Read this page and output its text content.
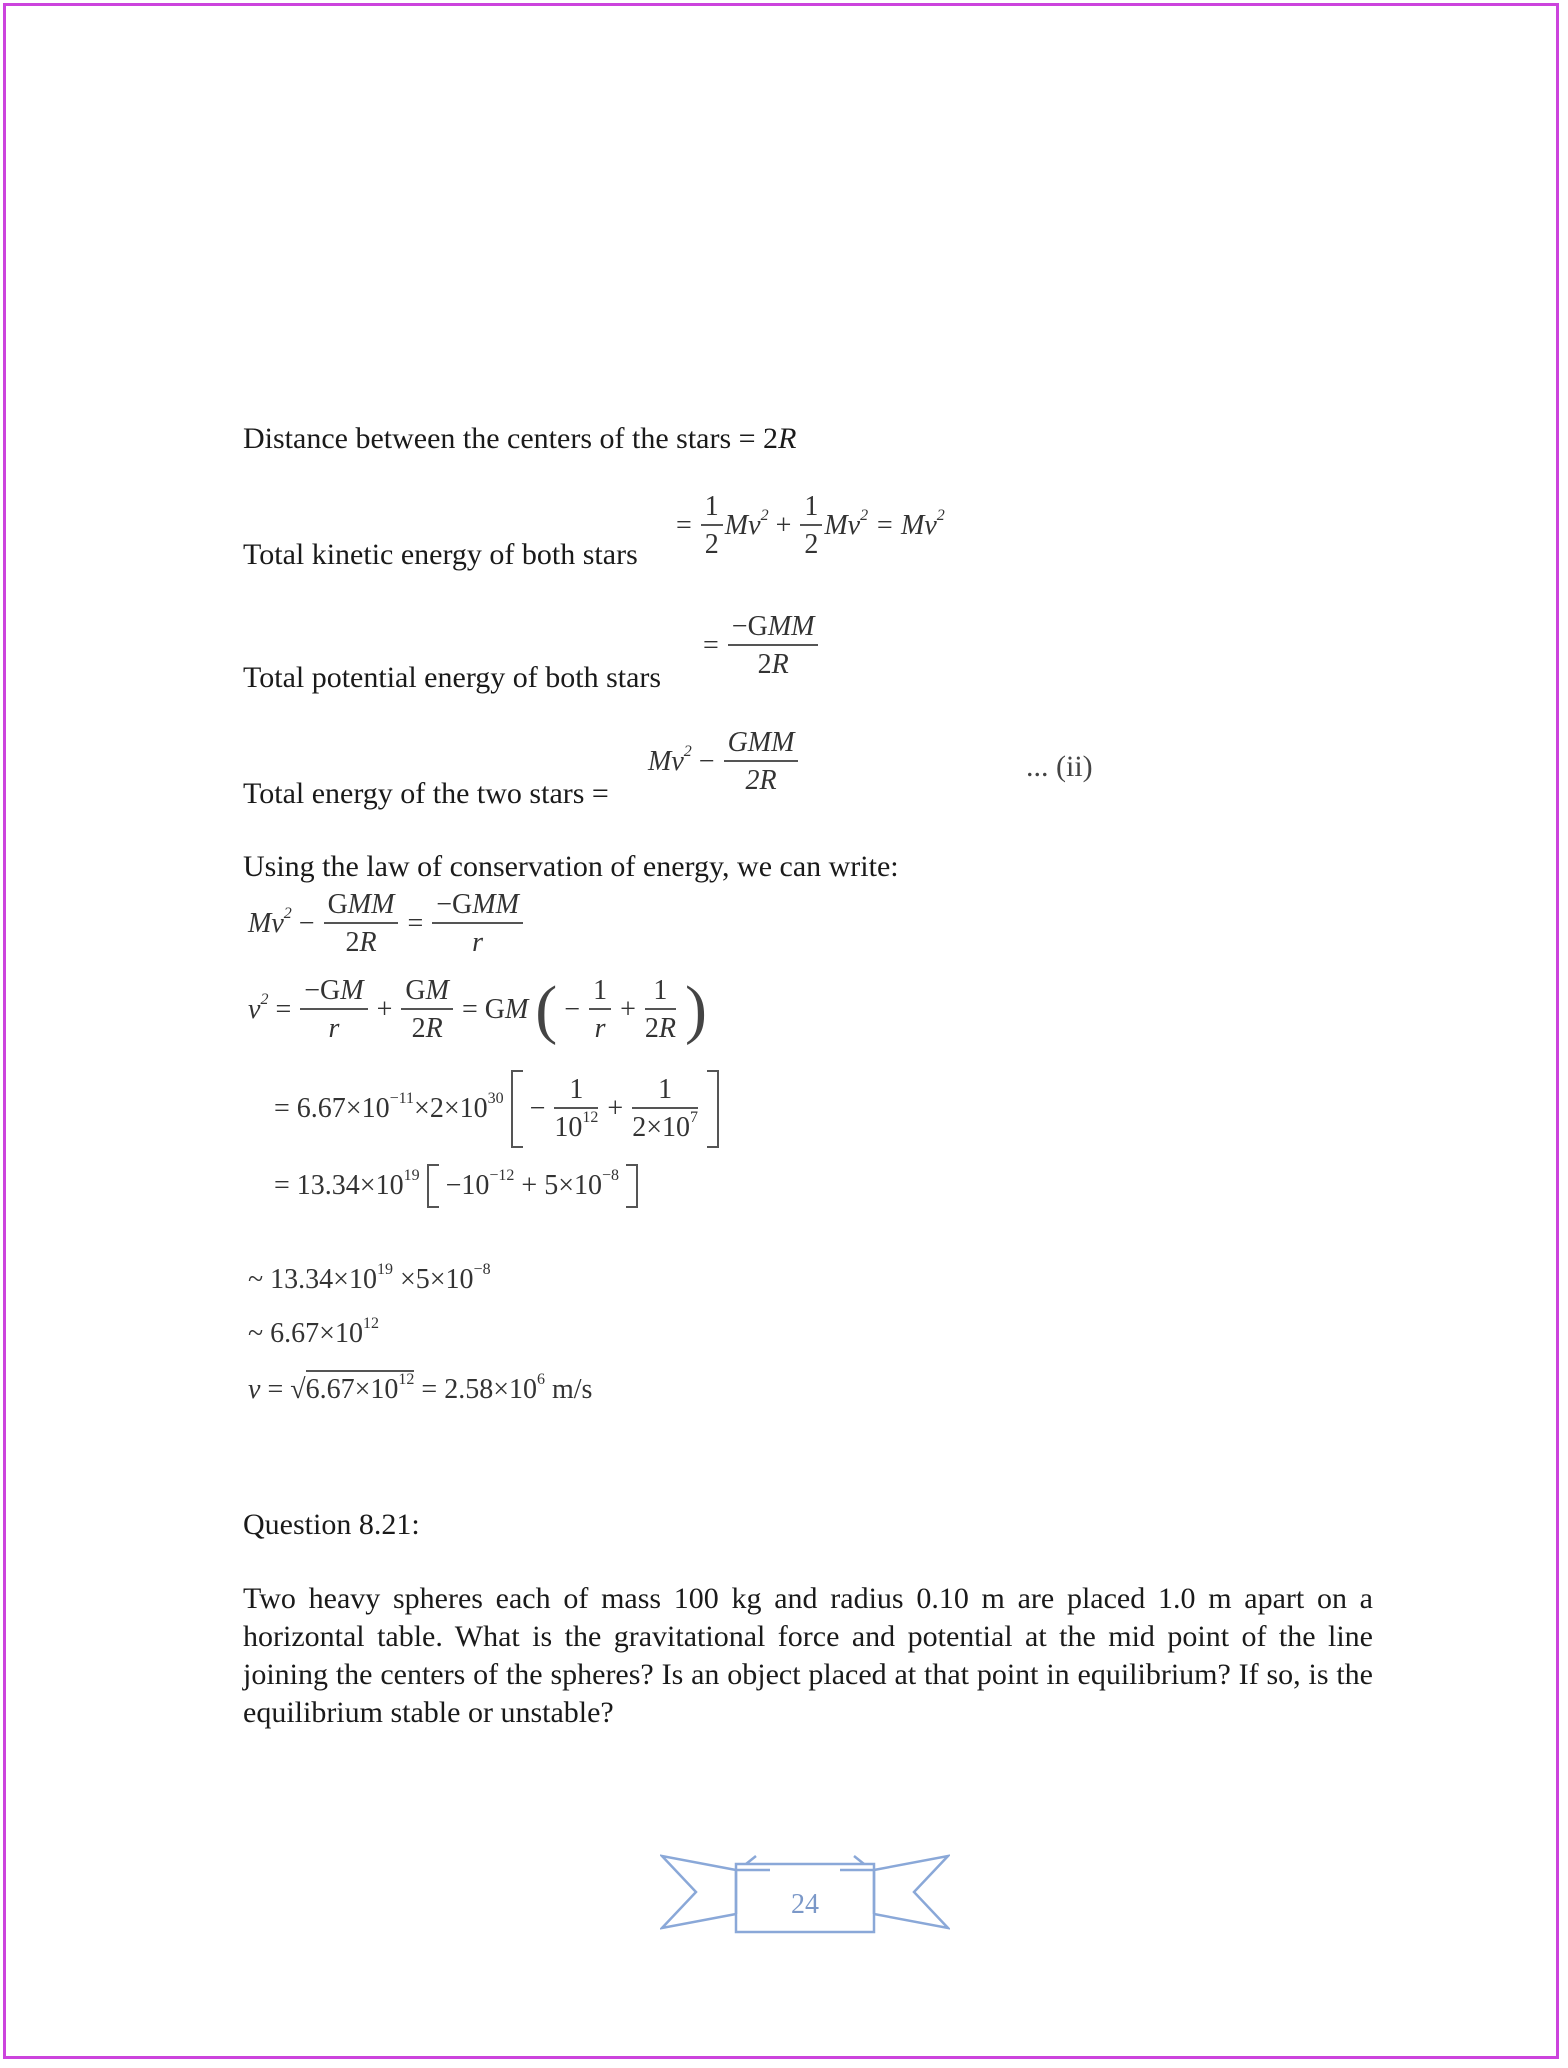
Distance between the centers of the stars = 2R
Total kinetic energy of both stars
= $\frac{1}{2} Mv^2 + \frac{1}{2} Mv^2 = Mv^2$
Total potential energy of both stars
=
−GMM
2R
Total energy of the two stars =
$Mv^2$ −
GMM
2R	... (ii)
Using the law of conservation of energy, we can write:
$Mv^2$ −
GMM
2R
=
−GMM
r
$v^2 = \frac{-GM}{r} + \frac{GM}{2R}$ = GM ( − $\frac{1}{r} + \frac{1}{2R}$ )
= $6.67\times 10^{-11}\times 2\times 10^{30} - \frac{1}{10^{12}} + \frac{1}{2\times 10^7}$

= $13.34\times 10^{19} -10^{-12} + 5\times 10^{-8}$
~ $13.34\times 10^{19} \times 5\times 10^{-8}$
~ $6.67\times 10^{12}$
$v = √6.67\times 10^{12} = 2.58\times 10^6$ m/s
Question 8.21:
Two heavy spheres each of mass 100 kg and radius 0.10 m are placed 1.0 m apart on a horizontal table. What is the gravitational force and potential at the mid point of the line joining the centers of the spheres? Is an object placed at that point in equilibrium? If so, is the equilibrium stable or unstable?
24
